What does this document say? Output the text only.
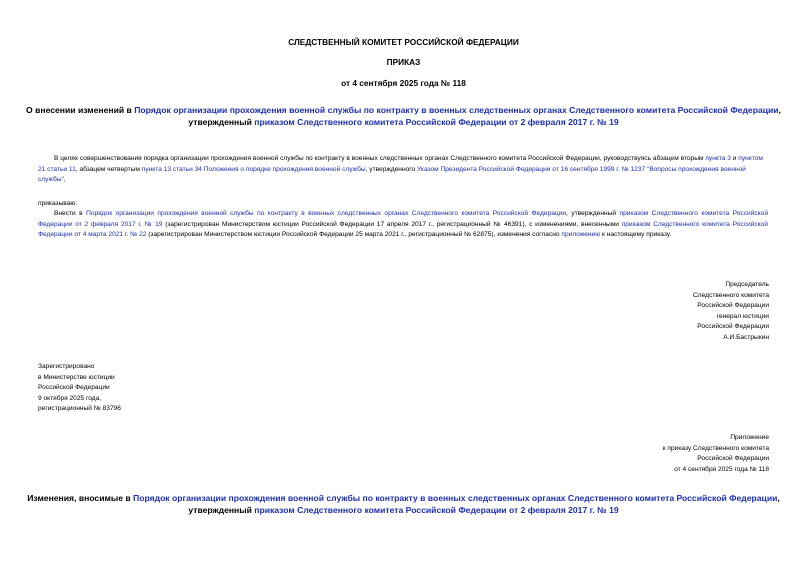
СЛЕДСТВЕННЫЙ КОМИТЕТ РОССИЙСКОЙ ФЕДЕРАЦИИ
ПРИКАЗ
от 4 сентября 2025 года № 118
О внесении изменений в Порядок организации прохождения военной службы по контракту в военных следственных органах Следственного комитета Российской Федерации, утвержденный приказом Следственного комитета Российской Федерации от 2 февраля 2017 г. № 19

В целях совершенствования порядка организации прохождения военной службы по контракту в военных следственных органах Следственного комитета Российской Федерации, руководствуясь абзацем вторым пункта 3 и пунктом 21 статьи 11, абзацем четвертым пункта 13 статьи 34 Положения о порядке прохождения военной службы, утвержденного Указом Президента Российской Федерации от 16 сентября 1999 г. № 1237 "Вопросы прохождения военной службы",

приказываю:

Внести в Порядок организации прохождения военной службы по контракту в военных следственных органах Следственного комитета Российской Федерации, утвержденный приказом Следственного комитета Российской Федерации от 2 февраля 2017 г. № 19 (зарегистрирован Министерством юстиции Российской Федерации 17 апреля 2017 г., регистрационный № 46391), с изменениями, внесенными приказом Следственного комитета Российской Федерации от 4 марта 2021 г. № 22 (зарегистрирован Министерством юстиции Российской Федерации 25 марта 2021 г., регистрационный № 62875), изменения согласно приложению к настоящему приказу.

Председатель
Следственного комитета
Российской Федерации
генерал юстиции
Российской Федерации
А.И.Бастрыкин
Зарегистрировано
в Министерстве юстиции
Российской Федерации
9 октября 2025 года,
регистрационный № 83796
Приложение
к приказу Следственного комитета
Российской Федерации
от 4 сентября 2025 года № 118
Изменения, вносимые в Порядок организации прохождения военной службы по контракту в военных следственных органах Следственного комитета Российской Федерации, утвержденный приказом Следственного комитета Российской Федерации от 2 февраля 2017 г. № 19
